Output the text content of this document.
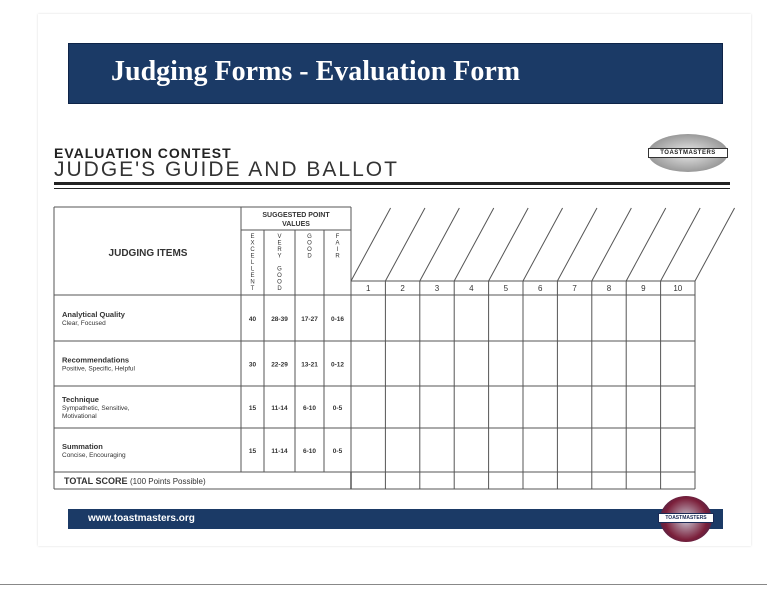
Judging Forms - Evaluation Form
EVALUATION CONTEST
JUDGE'S GUIDE AND BALLOT
TOASTMASTERS
JUDGING ITEMS
SUGGESTED POINT
VALUES
E
X
C
E
L
L
E
N
T
V
E
R
Y
G
O
O
D
G
O
O
D
F
A
I
R
1	2	3	4	5	6	7	8	9	10
Analytical Quality
Clear, Focused
40 28-39 17-27 0-16
Recommendations
Positive, Specific, Helpful
30 22-29 13-21 0-12
Technique
Sympathetic, Sensitive,
Motivational
15 11-14 6-10	0-5
Summation
Concise, Encouraging
15 11-14 6-10	0-5
TOTAL SCORE (100 Points Possible)
www.toastmasters.org	TOASTMASTERS
